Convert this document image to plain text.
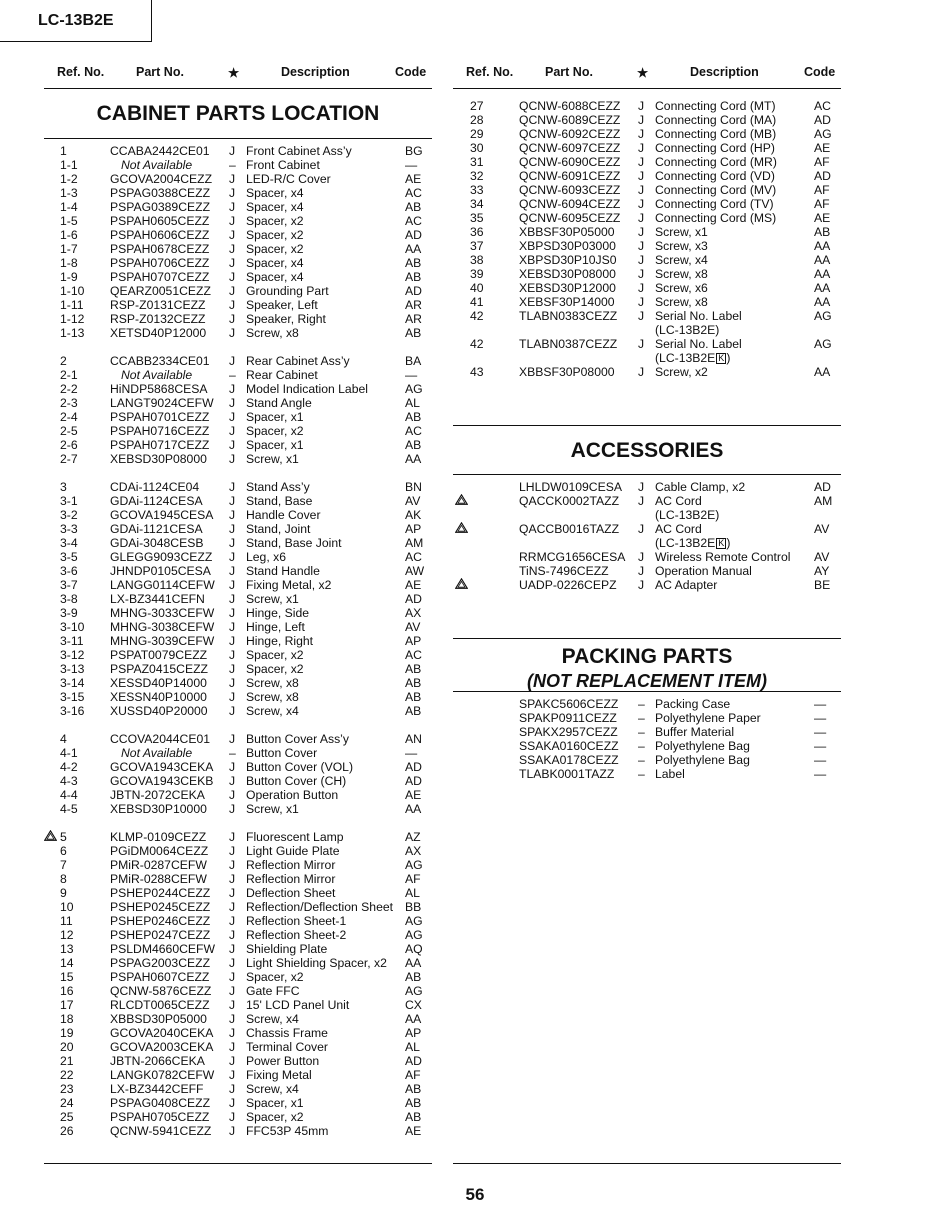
LC-13B2E
Ref. No.	Part No.	★	Description	Code
CABINET PARTS LOCATION
1	CCABA2442CE01 J Front Cabinet Ass’y	BG
1-1	Not Available	– Front Cabinet	—
1-2	GCOVA2004CEZZ J LED-R/C Cover	AE
1-3	PSPAG0388CEZZ J Spacer, x4	AC
1-4	PSPAG0389CEZZ J Spacer, x4	AB
1-5	PSPAH0605CEZZ J Spacer, x2	AC
1-6	PSPAH0606CEZZ J Spacer, x2	AD
1-7	PSPAH0678CEZZ J Spacer, x2	AA
1-8	PSPAH0706CEZZ J Spacer, x4	AB
1-9	PSPAH0707CEZZ J Spacer, x4	AB
1-10 QEARZ0051CEZZ J Grounding Part	AD
1-11 RSP-Z0131CEZZ J Speaker, Left	AR
1-12 RSP-Z0132CEZZ J Speaker, Right	AR
1-13 XETSD40P12000 J Screw, x8	AB
2	CCABB2334CE01 J Rear Cabinet Ass’y	BA
2-1	Not Available	– Rear Cabinet	—
2-2	HiNDP5868CESA J Model Indication Label	AG
2-3	LANGT9024CEFW J Stand Angle	AL
2-4	PSPAH0701CEZZ J Spacer, x1	AB
2-5	PSPAH0716CEZZ J Spacer, x2	AC
2-6	PSPAH0717CEZZ J Spacer, x1	AB
2-7	XEBSD30P08000 J Screw, x1	AA
3	CDAi-1124CE04 J Stand Ass’y	BN
3-1	GDAi-1124CESA J Stand, Base	AV
3-2	GCOVA1945CESA J Handle Cover	AK
3-3	GDAi-1121CESA J Stand, Joint	AP
3-4	GDAi-3048CESB J Stand, Base Joint	AM
3-5	GLEGG9093CEZZ J Leg, x6	AC
3-6	JHNDP0105CESA J Stand Handle	AW
3-7	LANGG0114CEFW J Fixing Metal, x2	AE
3-8	LX-BZ3441CEFN J Screw, x1	AD
3-9	MHNG-3033CEFW J Hinge, Side	AX
3-10 MHNG-3038CEFW J Hinge, Left	AV
3-11 MHNG-3039CEFW J Hinge, Right	AP
3-12 PSPAT0079CEZZ J Spacer, x2	AC
3-13 PSPAZ0415CEZZ J Spacer, x2	AB
3-14 XESSD40P14000 J Screw, x8	AB
3-15 XESSN40P10000 J Screw, x8	AB
3-16 XUSSD40P20000 J Screw, x4	AB
4	CCOVA2044CE01 J Button Cover Ass’y	AN
4-1	Not Available	– Button Cover	—
4-2	GCOVA1943CEKA J Button Cover (VOL)	AD
4-3	GCOVA1943CEKB J Button Cover (CH)	AD
4-4	JBTN-2072CEKA J Operation Button	AE
4-5	XEBSD30P10000 J Screw, x1	AA
5	KLMP-0109CEZZ J Fluorescent Lamp	AZ
6	PGiDM0064CEZZ J Light Guide Plate	AX
7	PMiR-0287CEFW J Reflection Mirror	AG
8	PMiR-0288CEFW J Reflection Mirror	AF
9	PSHEP0244CEZZ J Deflection Sheet	AL
10	PSHEP0245CEZZ J Reflection/Deflection Sheet BB
11	PSHEP0246CEZZ J Reflection Sheet-1	AG
12	PSHEP0247CEZZ J Reflection Sheet-2	AG
13	PSLDM4660CEFW J Shielding Plate	AQ
14	PSPAG2003CEZZ J Light Shielding Spacer, x2 AA
15	PSPAH0607CEZZ J Spacer, x2	AB
16	QCNW-5876CEZZ J Gate FFC	AG
17	RLCDT0065CEZZ J 15' LCD Panel Unit	CX
18	XBBSD30P05000 J Screw, x4	AA
19	GCOVA2040CEKA J Chassis Frame	AP
20	GCOVA2003CEKA J Terminal Cover	AL
21	JBTN-2066CEKA J Power Button	AD
22	LANGK0782CEFW J Fixing Metal	AF
23	LX-BZ3442CEFF J Screw, x4	AB
24	PSPAG0408CEZZ J Spacer, x1	AB
25	PSPAH0705CEZZ J Spacer, x2	AB
26	QCNW-5941CEZZ J FFC53P 45mm	AE
Ref. No.	Part No.	★	Description	Code
27	QCNW-6088CEZZ J Connecting Cord (MT)	AC
28	QCNW-6089CEZZ J Connecting Cord (MA)	AD
29	QCNW-6092CEZZ J Connecting Cord (MB)	AG
30	QCNW-6097CEZZ J Connecting Cord (HP)	AE
31	QCNW-6090CEZZ J Connecting Cord (MR)	AF
32	QCNW-6091CEZZ J Connecting Cord (VD)	AD
33	QCNW-6093CEZZ J Connecting Cord (MV)	AF
34	QCNW-6094CEZZ J Connecting Cord (TV)	AF
35	QCNW-6095CEZZ J Connecting Cord (MS)	AE
36	XBBSF30P05000 J Screw, x1	AB
37	XBPSD30P03000 J Screw, x3	AA
38	XBPSD30P10JS0 J Screw, x4	AA
39	XEBSD30P08000 J Screw, x8	AA
40	XEBSD30P12000 J Screw, x6	AA
41	XEBSF30P14000 J Screw, x8	AA
42	TLABN0383CEZZ J Serial No. Label	AG
(LC-13B2E)
42	TLABN0387CEZZ J Serial No. Label	AG
(LC-13B2E K )
43	XBBSF30P08000 J Screw, x2	AA
ACCESSORIES
LHLDW0109CESA J Cable Clamp, x2	AD
QACCK0002TAZZ J AC Cord	AM
(LC-13B2E)
QACCB0016TAZZ J AC Cord	AV
(LC-13B2E K )
RRMCG1656CESA J Wireless Remote Control AV
TiNS-7496CEZZ J Operation Manual	AY
UADP-0226CEPZ J AC Adapter	BE
PACKING PARTS
(NOT REPLACEMENT ITEM)
SPAKC5606CEZZ – Packing Case	—
SPAKP0911CEZZ – Polyethylene Paper	—
SPAKX2957CEZZ – Buffer Material	—
SSAKA0160CEZZ – Polyethylene Bag	—
SSAKA0178CEZZ – Polyethylene Bag	—
TLABK0001TAZZ – Label	—
56
